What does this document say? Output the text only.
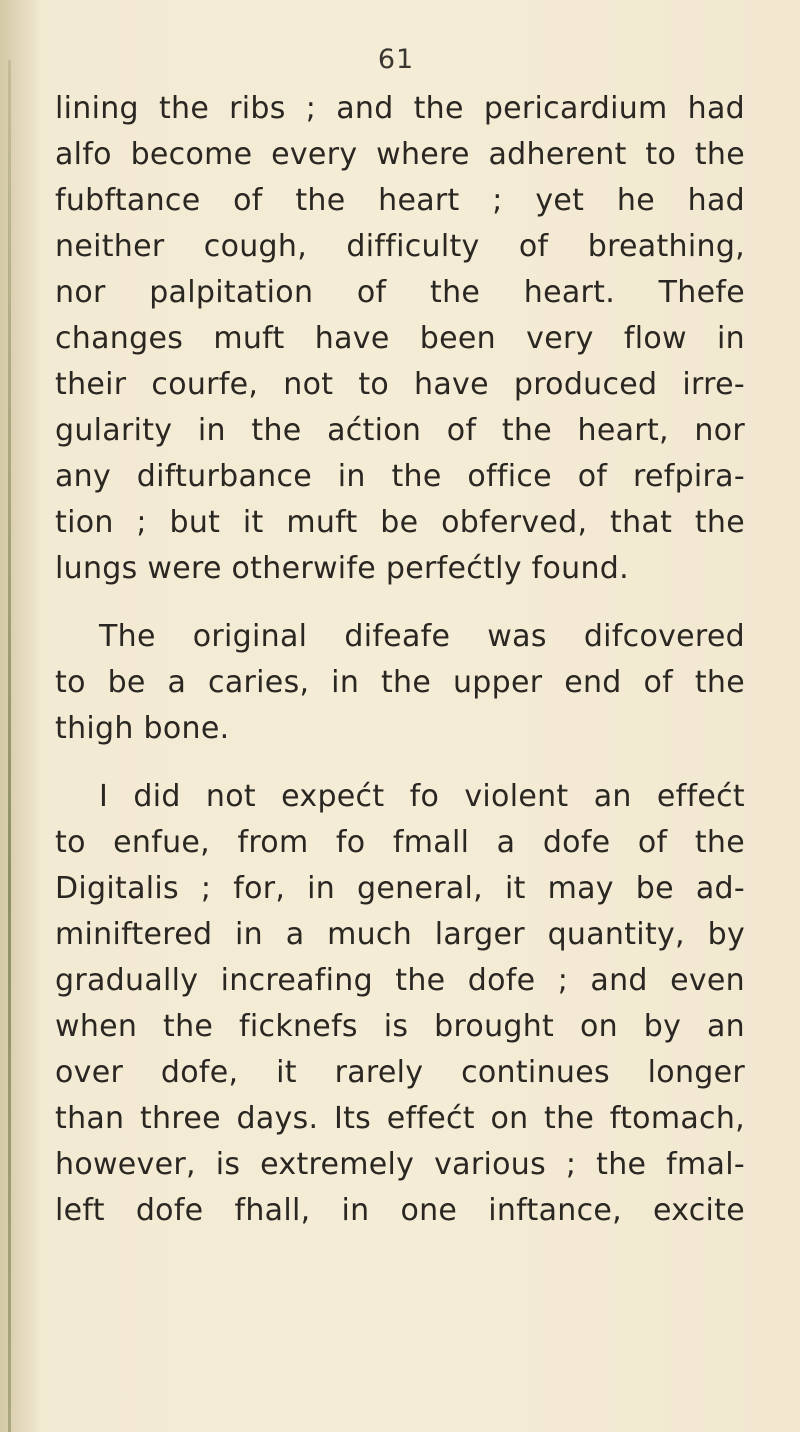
61
lining the ribs ; and the pericardium had
alfo become every where adherent to the
fubftance of the heart ; yet he had
neither cough, difficulty of breathing,
nor palpitation of the heart. Thefe
changes muft have been very flow in
their courfe, not to have produced irre-
gularity in the aćtion of the heart, nor
any difturbance in the office of refpira-
tion ; but it muft be obferved, that the
lungs were otherwife perfećtly found.
The original difeafe was difcovered
to be a caries, in the upper end of the
thigh bone.
I did not expećt fo violent an effećt
to enfue, from fo fmall a dofe of the
Digitalis ; for, in general, it may be ad-
miniftered in a much larger quantity, by
gradually increafing the dofe ; and even
when the ficknefs is brought on by an
over dofe, it rarely continues longer
than three days. Its effećt on the ftomach,
however, is extremely various ; the fmal-
left dofe fhall, in one inftance, excite
